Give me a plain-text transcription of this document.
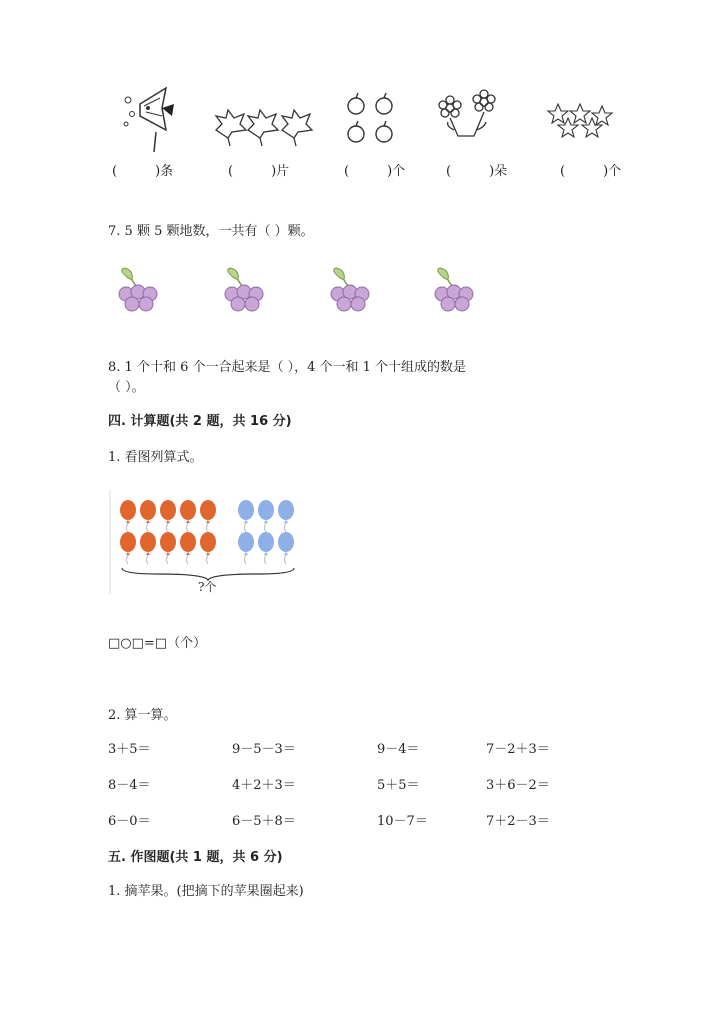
(	)条	(	)片	(	)个	(	)朵	(	)个
7. 5 颗 5 颗地数，一共有（ ）颗。
8. 1 个十和 6 个一合起来是（ ），4 个一和 1 个十组成的数是
（ ）。
四. 计算题(共 2 题，共 16 分)
1. 看图列算式。
?个
□○□=□（个）
2. 算一算。
3＋5＝	9－5－3＝	9－4＝	7－2＋3＝
8－4＝	4＋2＋3＝	5＋5＝	3＋6－2＝
6－0＝	6－5＋8＝	10－7＝	7＋2－3＝
五. 作图题(共 1 题，共 6 分)
1. 摘苹果。(把摘下的苹果圈起来)
